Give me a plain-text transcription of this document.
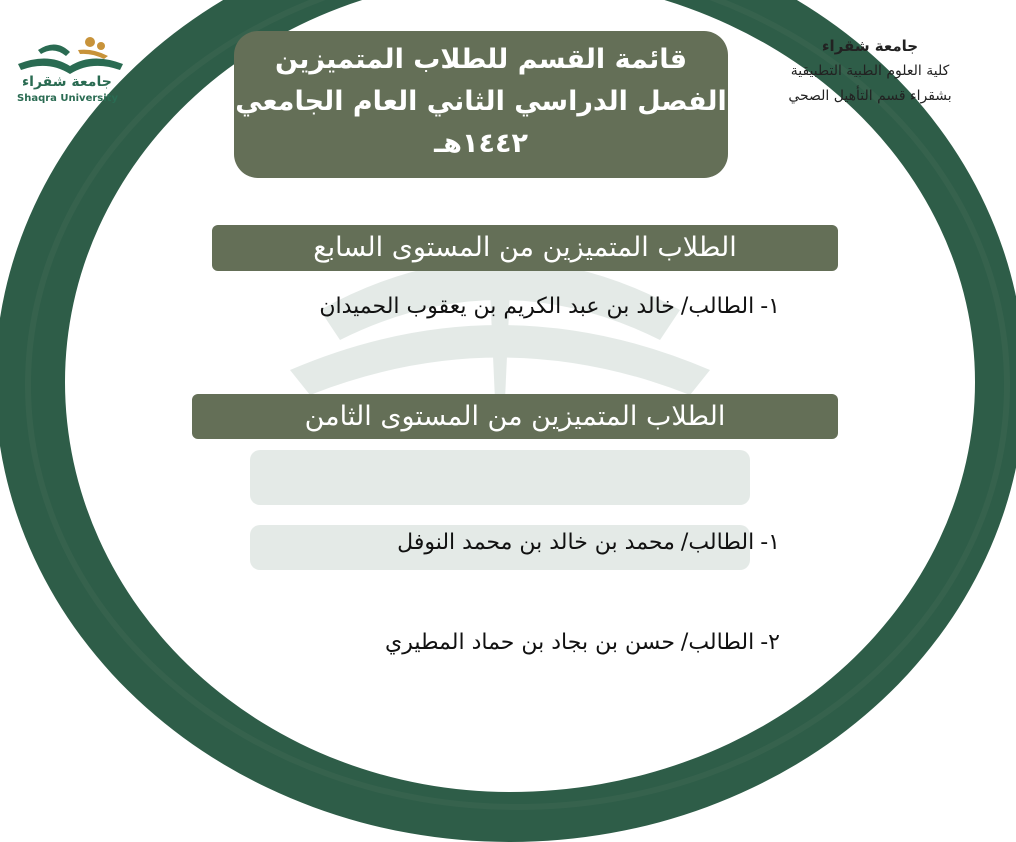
جامعة شقراء
Shaqra University
جامعة شقراء
كلية العلوم الطبية التطبيقية
بشقراء قسم التأهيل الصحي
قائمة القسم للطلاب المتميزين
الفصل الدراسي الثاني العام الجامعي
١٤٤٢هـ
الطلاب المتميزين من المستوى السابع
١-الطالب/خالد بن عبد الكريم بن يعقوب الحميدان
الطلاب المتميزين من المستوى الثامن
١-الطالب/محمد بن خالد بن محمد النوفل
٢-الطالب/حسن بن بجاد بن حماد المطيري
